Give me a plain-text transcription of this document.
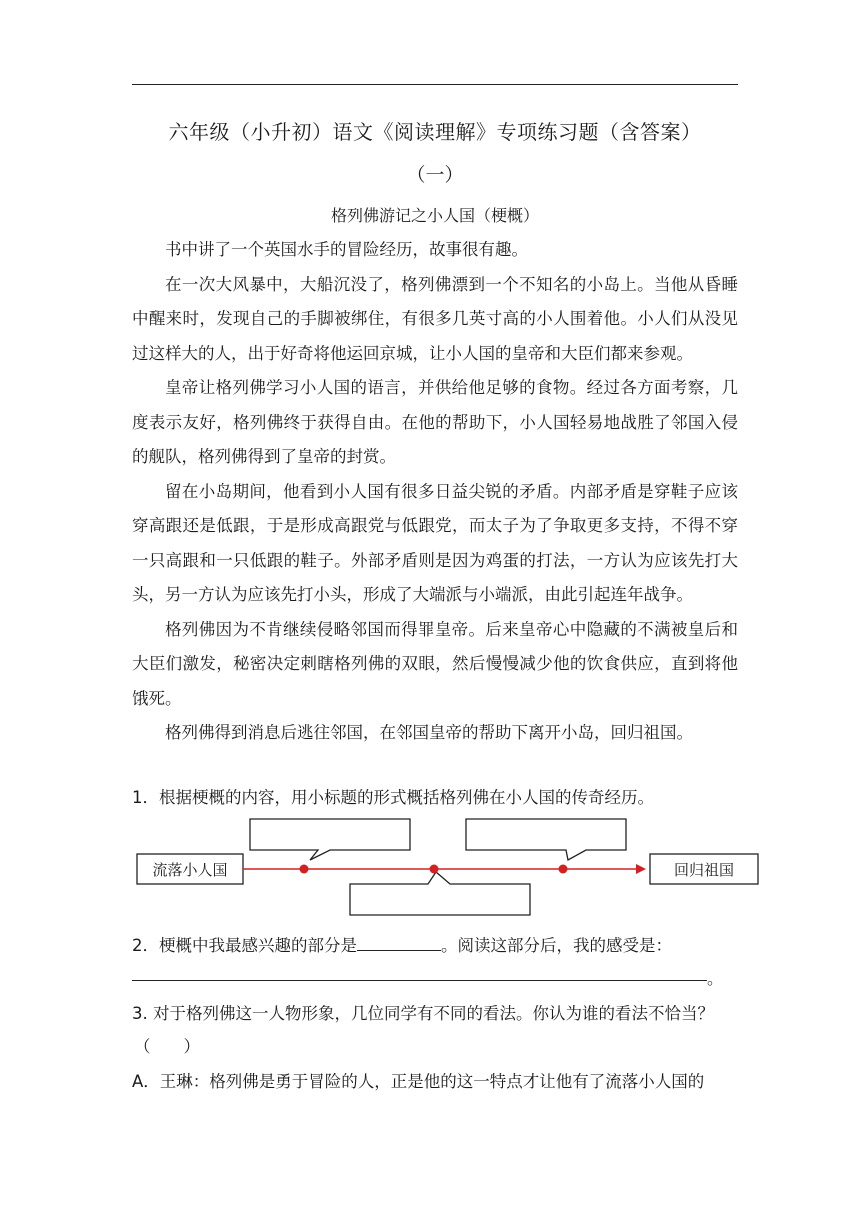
六年级（小升初）语文《阅读理解》专项练习题（含答案）
（一）
格列佛游记之小人国（梗概）

书中讲了一个英国水手的冒险经历，故事很有趣。

在一次大风暴中，大船沉没了，格列佛漂到一个不知名的小岛上。当他从昏睡中醒来时，发现自己的手脚被绑住，有很多几英寸高的小人围着他。小人们从没见过这样大的人，出于好奇将他运回京城，让小人国的皇帝和大臣们都来参观。

皇帝让格列佛学习小人国的语言，并供给他足够的食物。经过各方面考察，几度表示友好，格列佛终于获得自由。在他的帮助下，小人国轻易地战胜了邻国入侵的舰队，格列佛得到了皇帝的封赏。

留在小岛期间，他看到小人国有很多日益尖锐的矛盾。内部矛盾是穿鞋子应该穿高跟还是低跟，于是形成高跟党与低跟党，而太子为了争取更多支持，不得不穿一只高跟和一只低跟的鞋子。外部矛盾则是因为鸡蛋的打法，一方认为应该先打大头，另一方认为应该先打小头，形成了大端派与小端派，由此引起连年战争。

格列佛因为不肯继续侵略邻国而得罪皇帝。后来皇帝心中隐藏的不满被皇后和大臣们激发，秘密决定刺瞎格列佛的双眼，然后慢慢减少他的饮食供应，直到将他饿死。

格列佛得到消息后逃往邻国，在邻国皇帝的帮助下离开小岛，回归祖国。

1．根据梗概的内容，用小标题的形式概括格列佛在小人国的传奇经历。
流落小人国	回归祖国
2．梗概中我最感兴趣的部分是	。阅读这部分后，我的感受是：
。
3. 对于格列佛这一人物形象，几位同学有不同的看法。你认为谁的看法不恰当？
（　　）
A．王琳：格列佛是勇于冒险的人，正是他的这一特点才让他有了流落小人国的
